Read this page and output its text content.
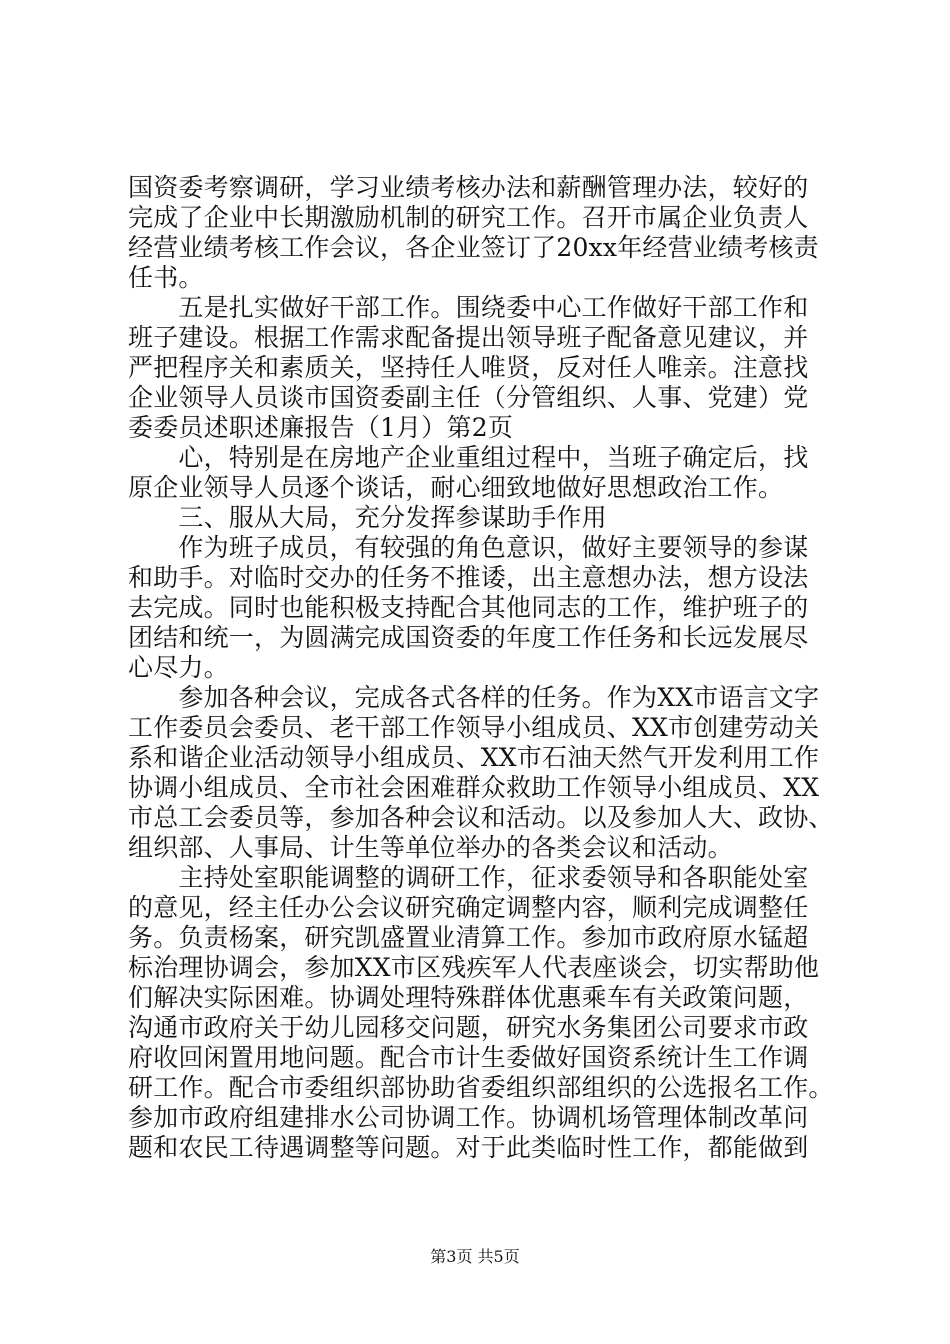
国资委考察调研，学习业绩考核办法和薪酬管理办法，较好的
完成了企业中长期激励机制的研究工作。召开市属企业负责人
经营业绩考核工作会议，各企业签订了20xx年经营业绩考核责
任书。
　　五是扎实做好干部工作。围绕委中心工作做好干部工作和
班子建设。根据工作需求配备提出领导班子配备意见建议，并
严把程序关和素质关，坚持任人唯贤，反对任人唯亲。注意找
企业领导人员谈市国资委副主任（分管组织、人事、党建）党
委委员述职述廉报告（1月）第2页
　　心，特别是在房地产企业重组过程中，当班子确定后，找
原企业领导人员逐个谈话，耐心细致地做好思想政治工作。
　　三、服从大局，充分发挥参谋助手作用
　　作为班子成员，有较强的角色意识，做好主要领导的参谋
和助手。对临时交办的任务不推诿，出主意想办法，想方设法
去完成。同时也能积极支持配合其他同志的工作，维护班子的
团结和统一，为圆满完成国资委的年度工作任务和长远发展尽
心尽力。
　　参加各种会议，完成各式各样的任务。作为XX市语言文字
工作委员会委员、老干部工作领导小组成员、XX市创建劳动关
系和谐企业活动领导小组成员、XX市石油天然气开发利用工作
协调小组成员、全市社会困难群众救助工作领导小组成员、XX
市总工会委员等，参加各种会议和活动。以及参加人大、政协、
组织部、人事局、计生等单位举办的各类会议和活动。
　　主持处室职能调整的调研工作，征求委领导和各职能处室
的意见，经主任办公会议研究确定调整内容，顺利完成调整任
务。负责杨案，研究凯盛置业清算工作。参加市政府原水锰超
标治理协调会，参加XX市区残疾军人代表座谈会，切实帮助他
们解决实际困难。协调处理特殊群体优惠乘车有关政策问题，
沟通市政府关于幼儿园移交问题，研究水务集团公司要求市政
府收回闲置用地问题。配合市计生委做好国资系统计生工作调
研工作。配合市委组织部协助省委组织部组织的公选报名工作。
参加市政府组建排水公司协调工作。协调机场管理体制改革问
题和农民工待遇调整等问题。对于此类临时性工作，都能做到
第3页 共5页
